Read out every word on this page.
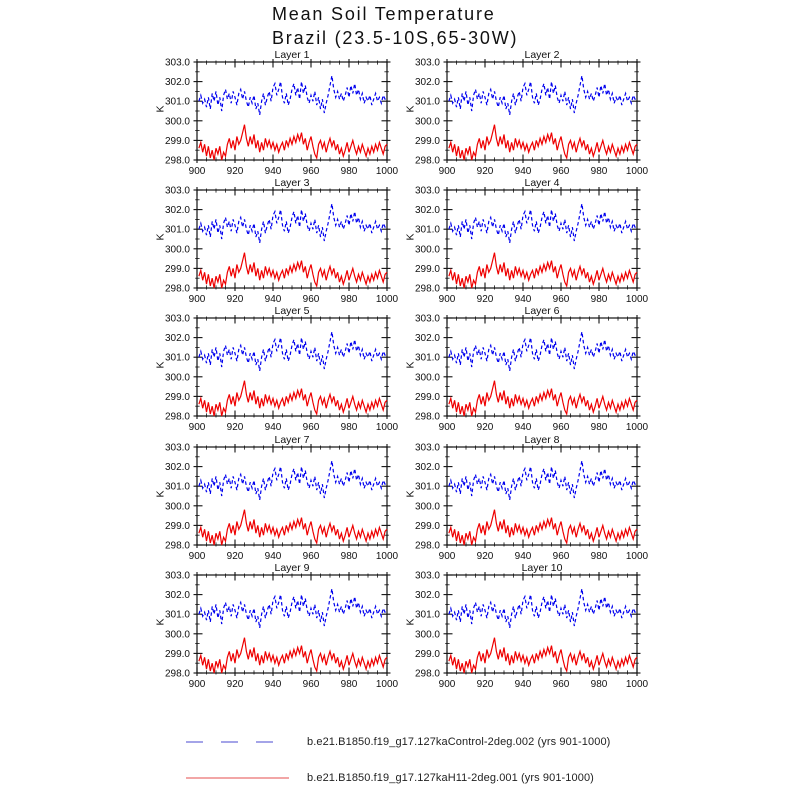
Mean Soil Temperature
Brazil (23.5-10S,65-30W)
Layer 1
K
900 920 940 960 980 1000
298.0
299.0
300.0
301.0
302.0
303.0
Layer 2
K
900 920 940 960 980 1000
298.0
299.0
300.0
301.0
302.0
303.0
Layer 3
K
900 920 940 960 980 1000
298.0
299.0
300.0
301.0
302.0
303.0
Layer 4
K
900 920 940 960 980 1000
298.0
299.0
300.0
301.0
302.0
303.0
Layer 5
K
900 920 940 960 980 1000
298.0
299.0
300.0
301.0
302.0
303.0
Layer 6
K
900 920 940 960 980 1000
298.0
299.0
300.0
301.0
302.0
303.0
Layer 7
K
900 920 940 960 980 1000
298.0
299.0
300.0
301.0
302.0
303.0
Layer 8
K
900 920 940 960 980 1000
298.0
299.0
300.0
301.0
302.0
303.0
Layer 9
K
900 920 940 960 980 1000
298.0
299.0
300.0
301.0
302.0
303.0
Layer 10
K
900 920 940 960 980 1000
298.0
299.0
300.0
301.0
302.0
303.0
b.e21.B1850.f19_g17.127kaControl-2deg.002 (yrs 901-1000)
b.e21.B1850.f19_g17.127kaH11-2deg.001 (yrs 901-1000)
